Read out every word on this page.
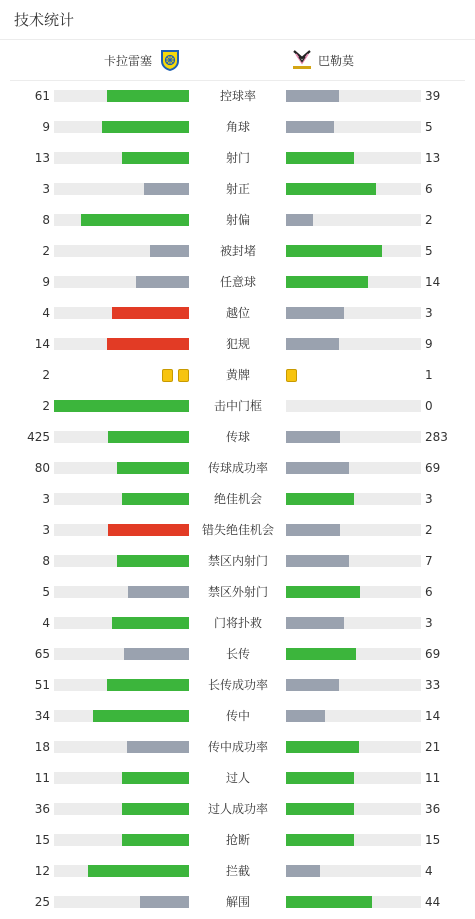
技术统计
卡拉雷塞	巴勒莫
61	控球率	39
9	角球	5
13	射门	13
3	射正	6
8	射偏	2
2	被封堵	5
9	任意球	14
4	越位	3
14	犯规	9
2	黄牌	1
2	击中门框	0
425	传球	283
80	传球成功率	69
3	绝佳机会	3
3	错失绝佳机会	2
8	禁区内射门	7
5	禁区外射门	6
4	门将扑救	3
65	长传	69
51	长传成功率	33
34	传中	14
18	传中成功率	21
11	过人	11
36	过人成功率	36
15	抢断	15
12	拦截	4
25	解围	44
